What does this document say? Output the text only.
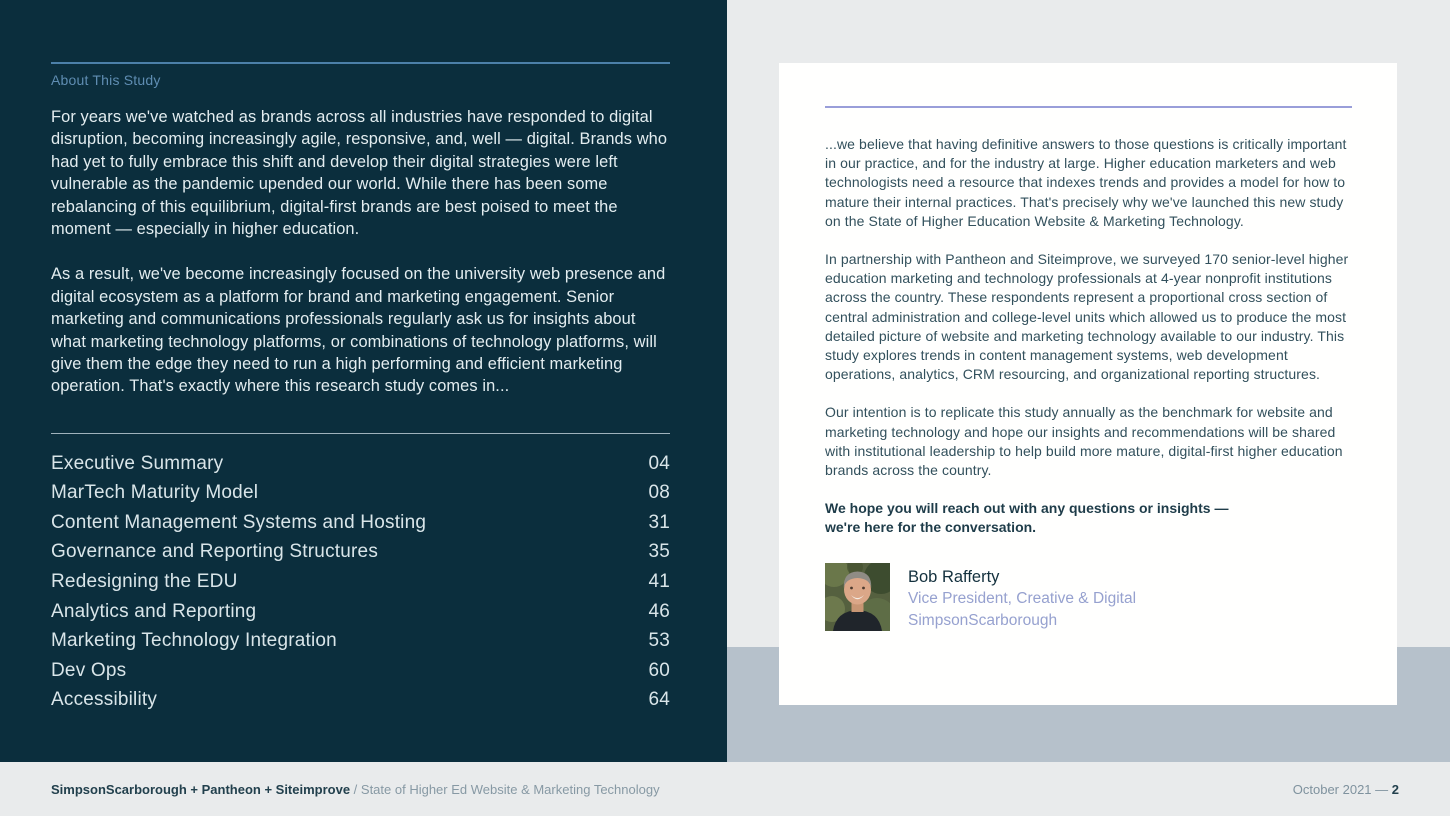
About This Study

For years we've watched as brands across all industries have responded to digital disruption, becoming increasingly agile, responsive, and, well — digital. Brands who had yet to fully embrace this shift and develop their digital strategies were left vulnerable as the pandemic upended our world. While there has been some rebalancing of this equilibrium, digital-first brands are best poised to meet the moment — especially in higher education.

As a result, we've become increasingly focused on the university web presence and digital ecosystem as a platform for brand and marketing engagement. Senior marketing and communications professionals regularly ask us for insights about what marketing technology platforms, or combinations of technology platforms, will give them the edge they need to run a high performing and efficient marketing operation. That's exactly where this research study comes in...

Executive Summary	04
MarTech Maturity Model	08
Content Management Systems and Hosting	31
Governance and Reporting Structures	35
Redesigning the EDU	41
Analytics and Reporting	46
Marketing Technology Integration	53
Dev Ops	60
Accessibility	64

...we believe that having definitive answers to those questions is critically important in our practice, and for the industry at large. Higher education marketers and web technologists need a resource that indexes trends and provides a model for how to mature their internal practices. That's precisely why we've launched this new study on the State of Higher Education Website & Marketing Technology.

In partnership with Pantheon and Siteimprove, we surveyed 170 senior-level higher education marketing and technology professionals at 4-year nonprofit institutions across the country. These respondents represent a proportional cross section of central administration and college-level units which allowed us to produce the most detailed picture of website and marketing technology available to our industry. This study explores trends in content management systems, web development operations, analytics, CRM resourcing, and organizational reporting structures.

Our intention is to replicate this study annually as the benchmark for website and marketing technology and hope our insights and recommendations will be shared with institutional leadership to help build more mature, digital-first higher education brands across the country.

We hope you will reach out with any questions or insights —
we're here for the conversation.
Bob Rafferty
Vice President, Creative & Digital
SimpsonScarborough
SimpsonScarborough + Pantheon + Siteimprove / State of Higher Ed Website & Marketing Technology	October 2021 — 2
